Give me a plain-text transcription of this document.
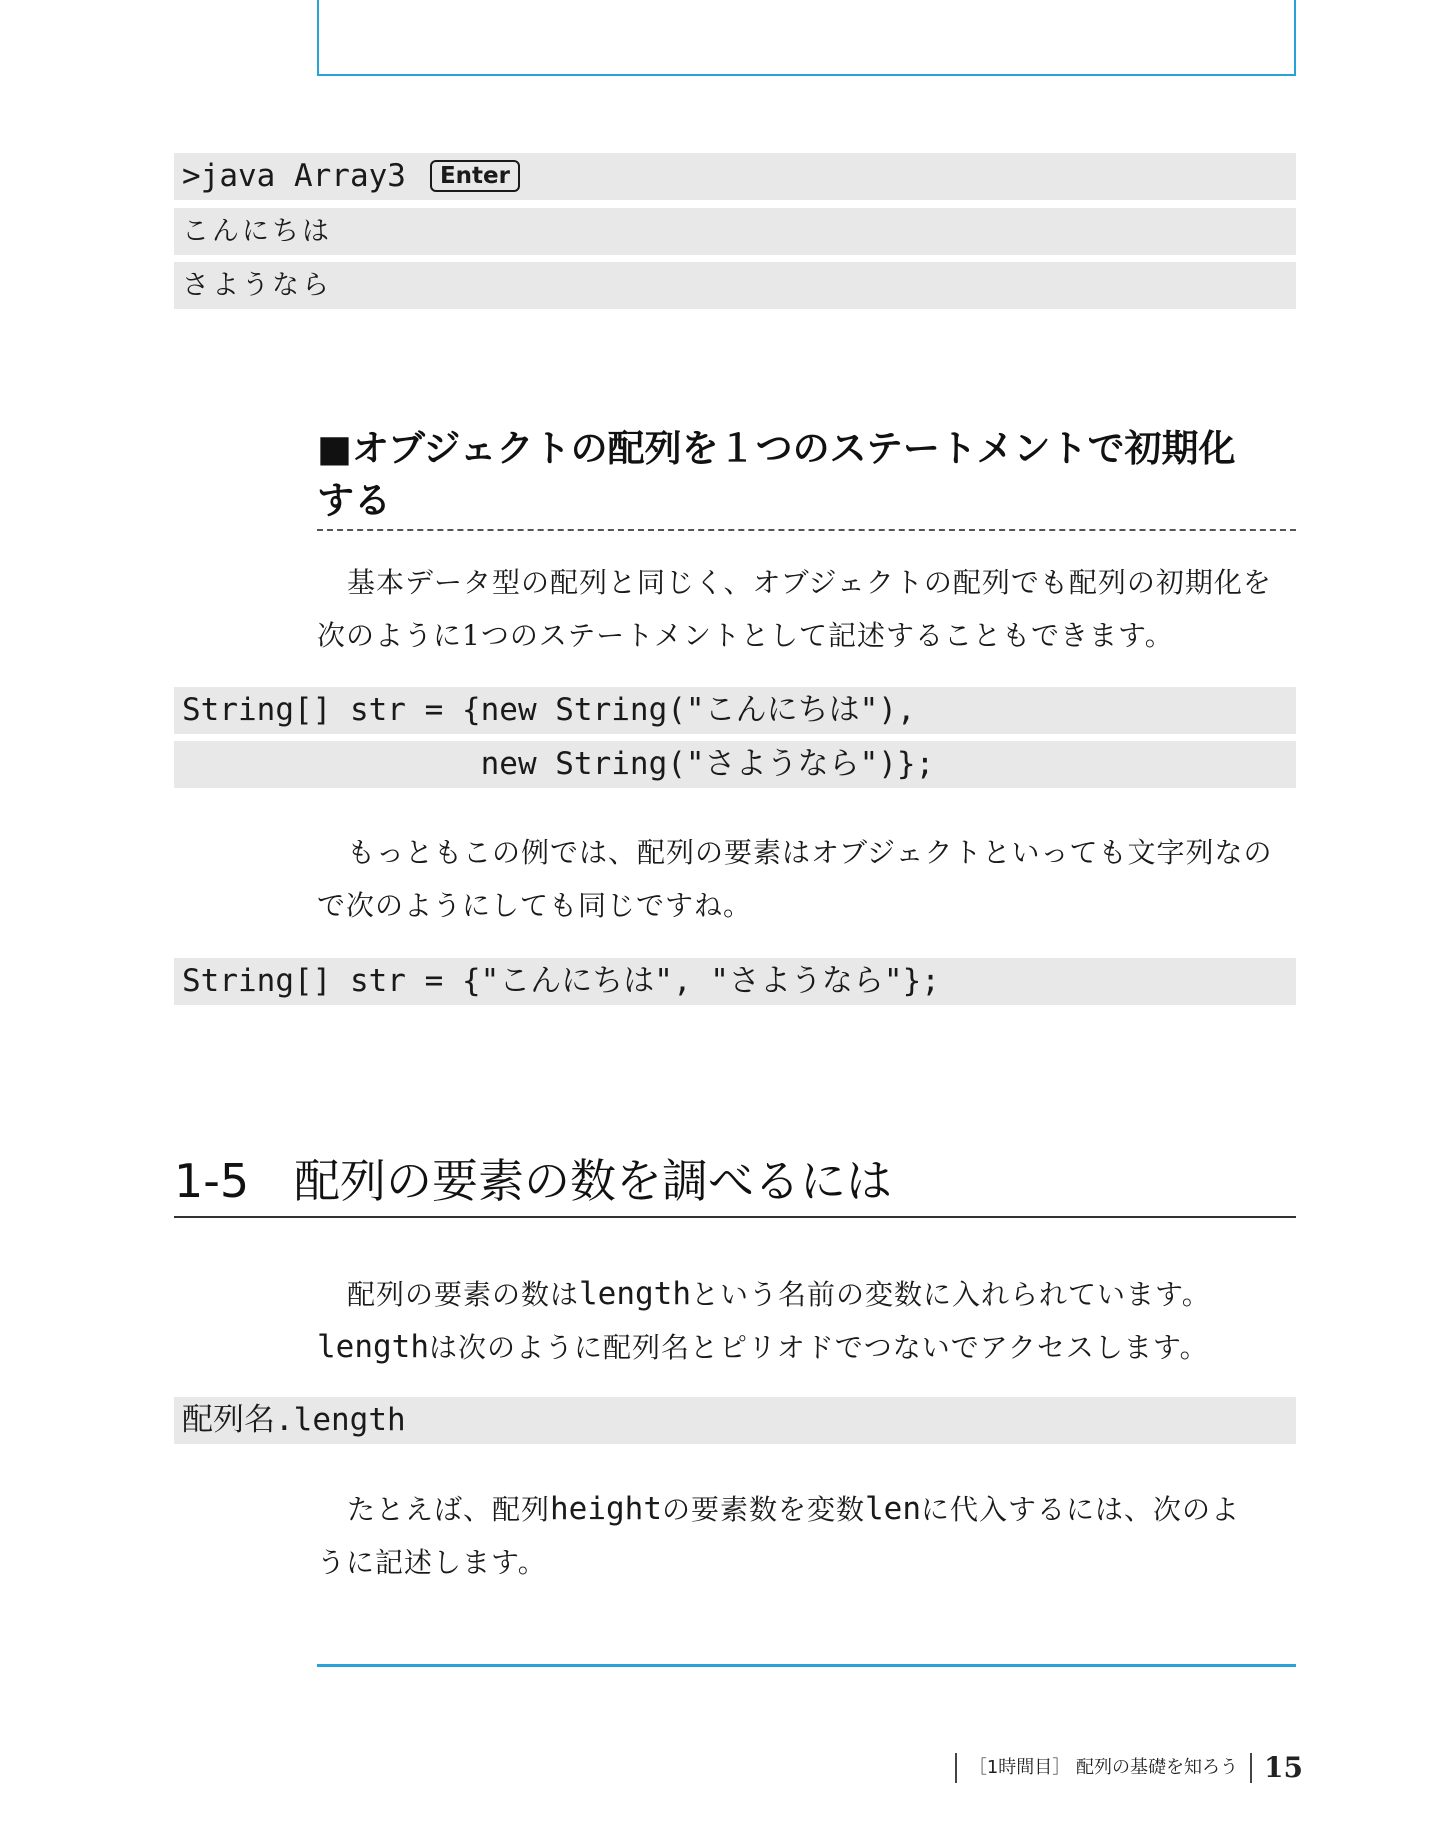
>java Array3 Enter
こんにちは
さようなら
■オブジェクトの配列を１つのステートメントで初期化
する
基本データ型の配列と同じく、オブジェクトの配列でも配列の初期化を
次のように1つのステートメントとして記述することもできます。
String[] str = {new String("こんにちは"),
new String("さようなら")};
もっともこの例では、配列の要素はオブジェクトといっても文字列なの
で次のようにしても同じですね。
String[] str = {"こんにちは", "さようなら"};
1-5 配列の要素の数を調べるには
配列の要素の数はlengthという名前の変数に入れられています。
lengthは次のように配列名とピリオドでつないでアクセスします。
配列名.length
たとえば、配列heightの要素数を変数lenに代入するには、次のよ
うに記述します。
［1時間目］ 配列の基礎を知ろう 15
